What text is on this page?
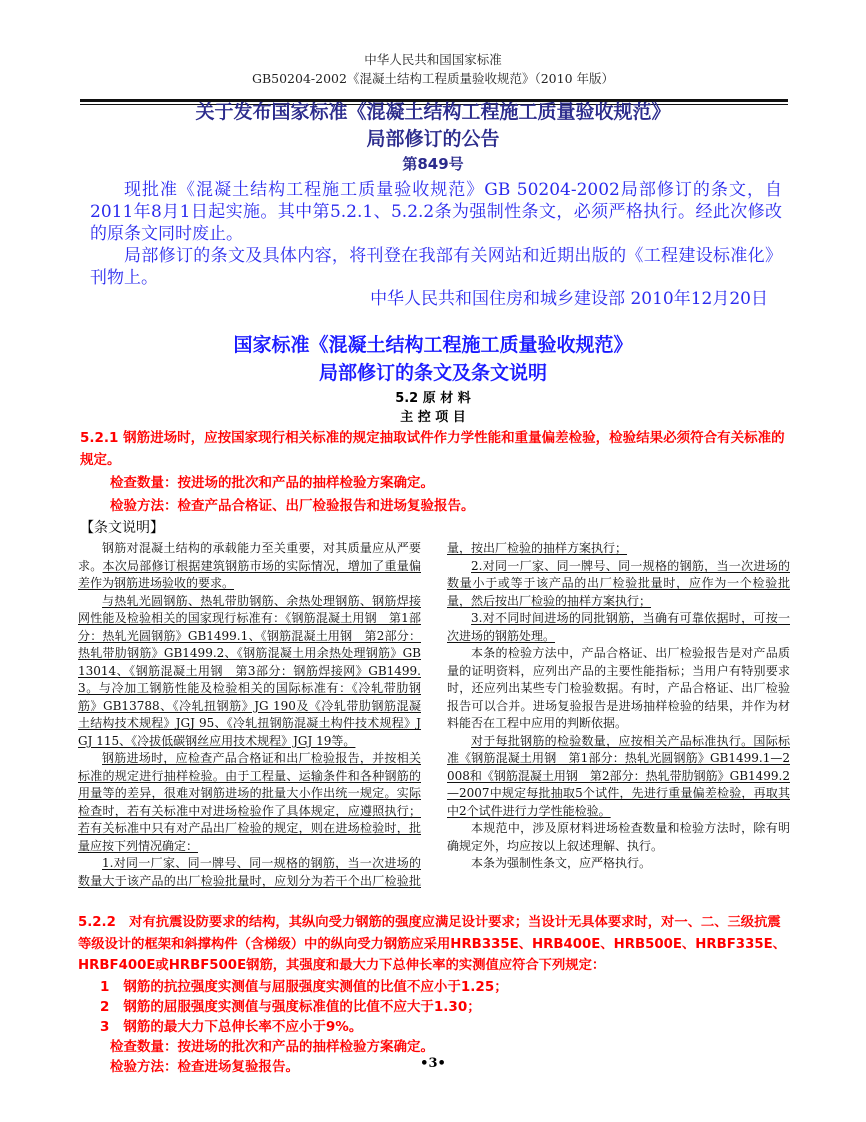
中华人民共和国国家标准
GB50204-2002《混凝土结构工程质量验收规范》（2010 年版）
关于发布国家标准《混凝土结构工程施工质量验收规范》
局部修订的公告
第849号
现批准《混凝土结构工程施工质量验收规范》GB 50204-2002局部修订的条文，自2011年8月1日起实施。其中第5.2.1、5.2.2条为强制性条文，必须严格执行。经此次修改的原条文同时废止。
局部修订的条文及具体内容，将刊登在我部有关网站和近期出版的《工程建设标准化》刊物上。
中华人民共和国住房和城乡建设部 2010年12月20日
国家标准《混凝土结构工程施工质量验收规范》
局部修订的条文及条文说明
5.2 原 材 料
主 控 项 目
5.2.1 钢筋进场时，应按国家现行相关标准的规定抽取试件作力学性能和重量偏差检验，检验结果必须符合有关标准的规定。
检查数量：按进场的批次和产品的抽样检验方案确定。
检验方法：检查产品合格证、出厂检验报告和进场复验报告。
【条文说明】

钢筋对混凝土结构的承载能力至关重要，对其质量应从严要求。本次局部修订根据建筑钢筋市场的实际情况，增加了重量偏差作为钢筋进场验收的要求。

与热轧光圆钢筋、热轧带肋钢筋、余热处理钢筋、钢筋焊接网性能及检验相关的国家现行标准有：《钢筋混凝土用钢　第1部分：热轧光圆钢筋》GB1499.1、《钢筋混凝土用钢　第2部分：热轧带肋钢筋》GB1499.2、《钢筋混凝土用余热处理钢筋》GB13014、《钢筋混凝土用钢　第3部分：钢筋焊接网》GB1499.3。与冷加工钢筋性能及检验相关的国际标准有：《冷轧带肋钢筋》GB13788、《冷轧扭钢筋》JG 190及《冷轧带肋钢筋混凝土结构技术规程》JGJ 95、《冷轧扭钢筋混凝土构件技术规程》JGJ 115、《冷拔低碳钢丝应用技术规程》JGJ 19等。

钢筋进场时，应检查产品合格证和出厂检验报告，并按相关标准的规定进行抽样检验。由于工程量、运输条件和各种钢筋的用量等的差异，很难对钢筋进场的批量大小作出统一规定。实际检查时，若有关标准中对进场检验作了具体规定，应遵照执行；若有关标准中只有对产品出厂检验的规定，则在进场检验时，批量应按下列情况确定：

1.对同一厂家、同一牌号、同一规格的钢筋，当一次进场的数量大于该产品的出厂检验批量时，应划分为若干个出厂检验批量，按出厂检验的抽样方案执行；

2.对同一厂家、同一牌号、同一规格的钢筋，当一次进场的数量小于或等于该产品的出厂检验批量时，应作为一个检验批量，然后按出厂检验的抽样方案执行；

3.对不同时间进场的同批钢筋，当确有可靠依据时，可按一次进场的钢筋处理。

本条的检验方法中，产品合格证、出厂检验报告是对产品质量的证明资料，应列出产品的主要性能指标；当用户有特别要求时，还应列出某些专门检验数据。有时，产品合格证、出厂检验报告可以合并。进场复验报告是进场抽样检验的结果，并作为材料能否在工程中应用的判断依据。

对于每批钢筋的检验数量，应按相关产品标准执行。国际标准《钢筋混凝土用钢　第1部分：热轧光圆钢筋》GB1499.1—2008和《钢筋混凝土用钢　第2部分：热轧带肋钢筋》GB1499.2—2007中规定每批抽取5个试件，先进行重量偏差检验，再取其中2个试件进行力学性能检验。

本规范中，涉及原材料进场检查数量和检验方法时，除有明确规定外，均应按以上叙述理解、执行。

本条为强制性条文，应严格执行。

5.2.2　对有抗震设防要求的结构，其纵向受力钢筋的强度应满足设计要求；当设计无具体要求时，对一、二、三级抗震等级设计的框架和斜撑构件（含梯级）中的纵向受力钢筋应采用HRB335E、HRB400E、HRB500E、HRBF335E、HRBF400E或HRBF500E钢筋，其强度和最大力下总伸长率的实测值应符合下列规定：
1 钢筋的抗拉强度实测值与屈服强度实测值的比值不应小于1.25；
2 钢筋的屈服强度实测值与强度标准值的比值不应大于1.30；
3 钢筋的最大力下总伸长率不应小于9%。
检查数量：按进场的批次和产品的抽样检验方案确定。
检验方法：检查进场复验报告。	•3•
